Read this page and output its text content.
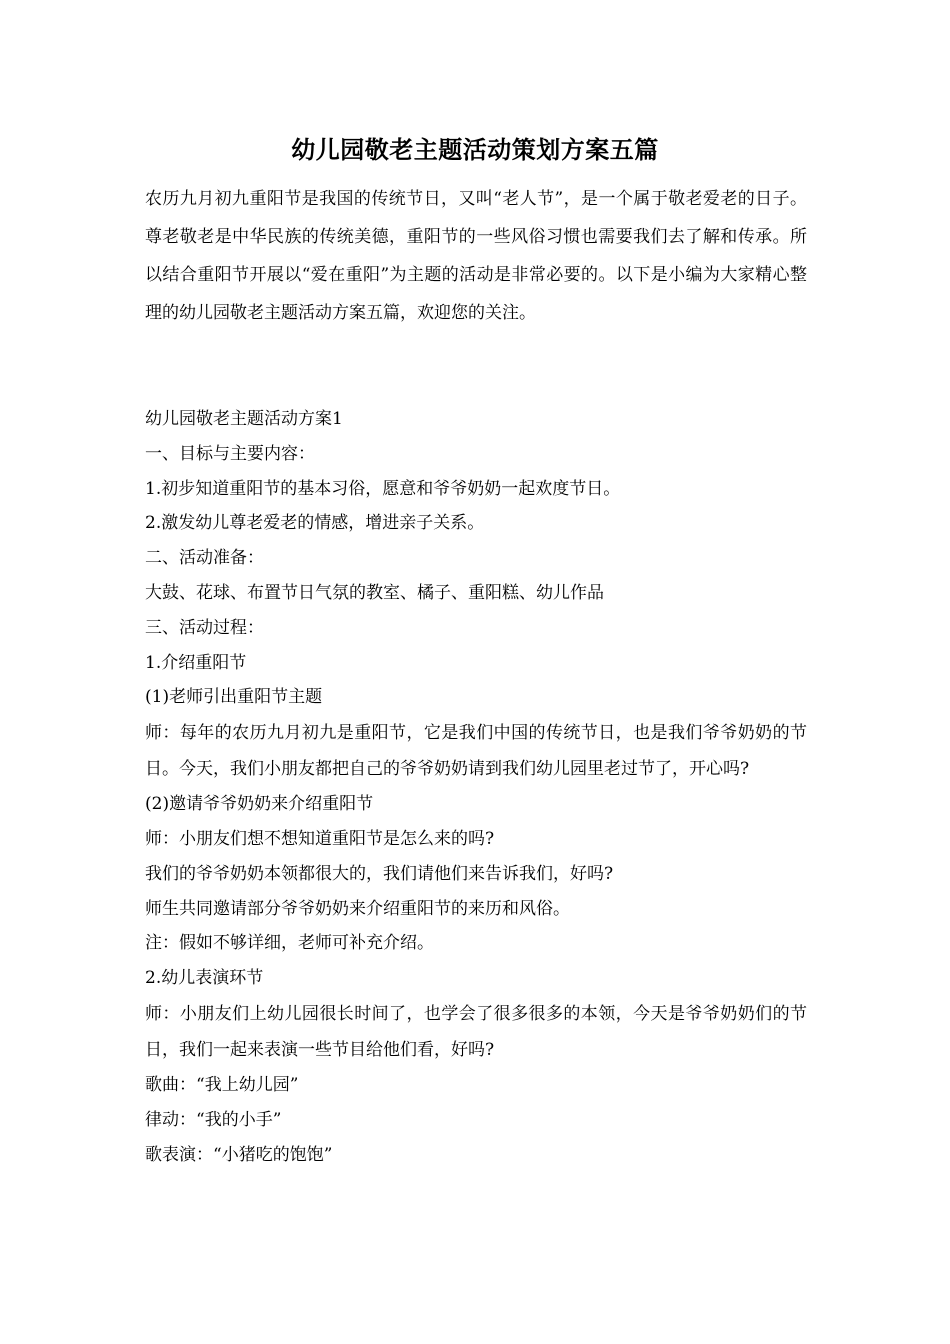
幼儿园敬老主题活动策划方案五篇

农历九月初九重阳节是我国的传统节日，又叫“老人节”，是一个属于敬老爱老的日子。尊老敬老是中华民族的传统美德，重阳节的一些风俗习惯也需要我们去了解和传承。所以结合重阳节开展以“爱在重阳”为主题的活动是非常必要的。以下是小编为大家精心整理的幼儿园敬老主题活动方案五篇，欢迎您的关注。

幼儿园敬老主题活动方案1
一、目标与主要内容：
1.初步知道重阳节的基本习俗，愿意和爷爷奶奶一起欢度节日。
2.激发幼儿尊老爱老的情感，增进亲子关系。
二、活动准备：
大鼓、花球、布置节日气氛的教室、橘子、重阳糕、幼儿作品
三、活动过程：
1.介绍重阳节
(1)老师引出重阳节主题
师：每年的农历九月初九是重阳节，它是我们中国的传统节日，也是我们爷爷奶奶的节日。今天，我们小朋友都把自己的爷爷奶奶请到我们幼儿园里老过节了，开心吗?
(2)邀请爷爷奶奶来介绍重阳节
师：小朋友们想不想知道重阳节是怎么来的吗?
我们的爷爷奶奶本领都很大的，我们请他们来告诉我们，好吗?
师生共同邀请部分爷爷奶奶来介绍重阳节的来历和风俗。
注：假如不够详细，老师可补充介绍。
2.幼儿表演环节
师：小朋友们上幼儿园很长时间了，也学会了很多很多的本领，今天是爷爷奶奶们的节日，我们一起来表演一些节目给他们看，好吗?
歌曲：“我上幼儿园”
律动：“我的小手”
歌表演：“小猪吃的饱饱”
